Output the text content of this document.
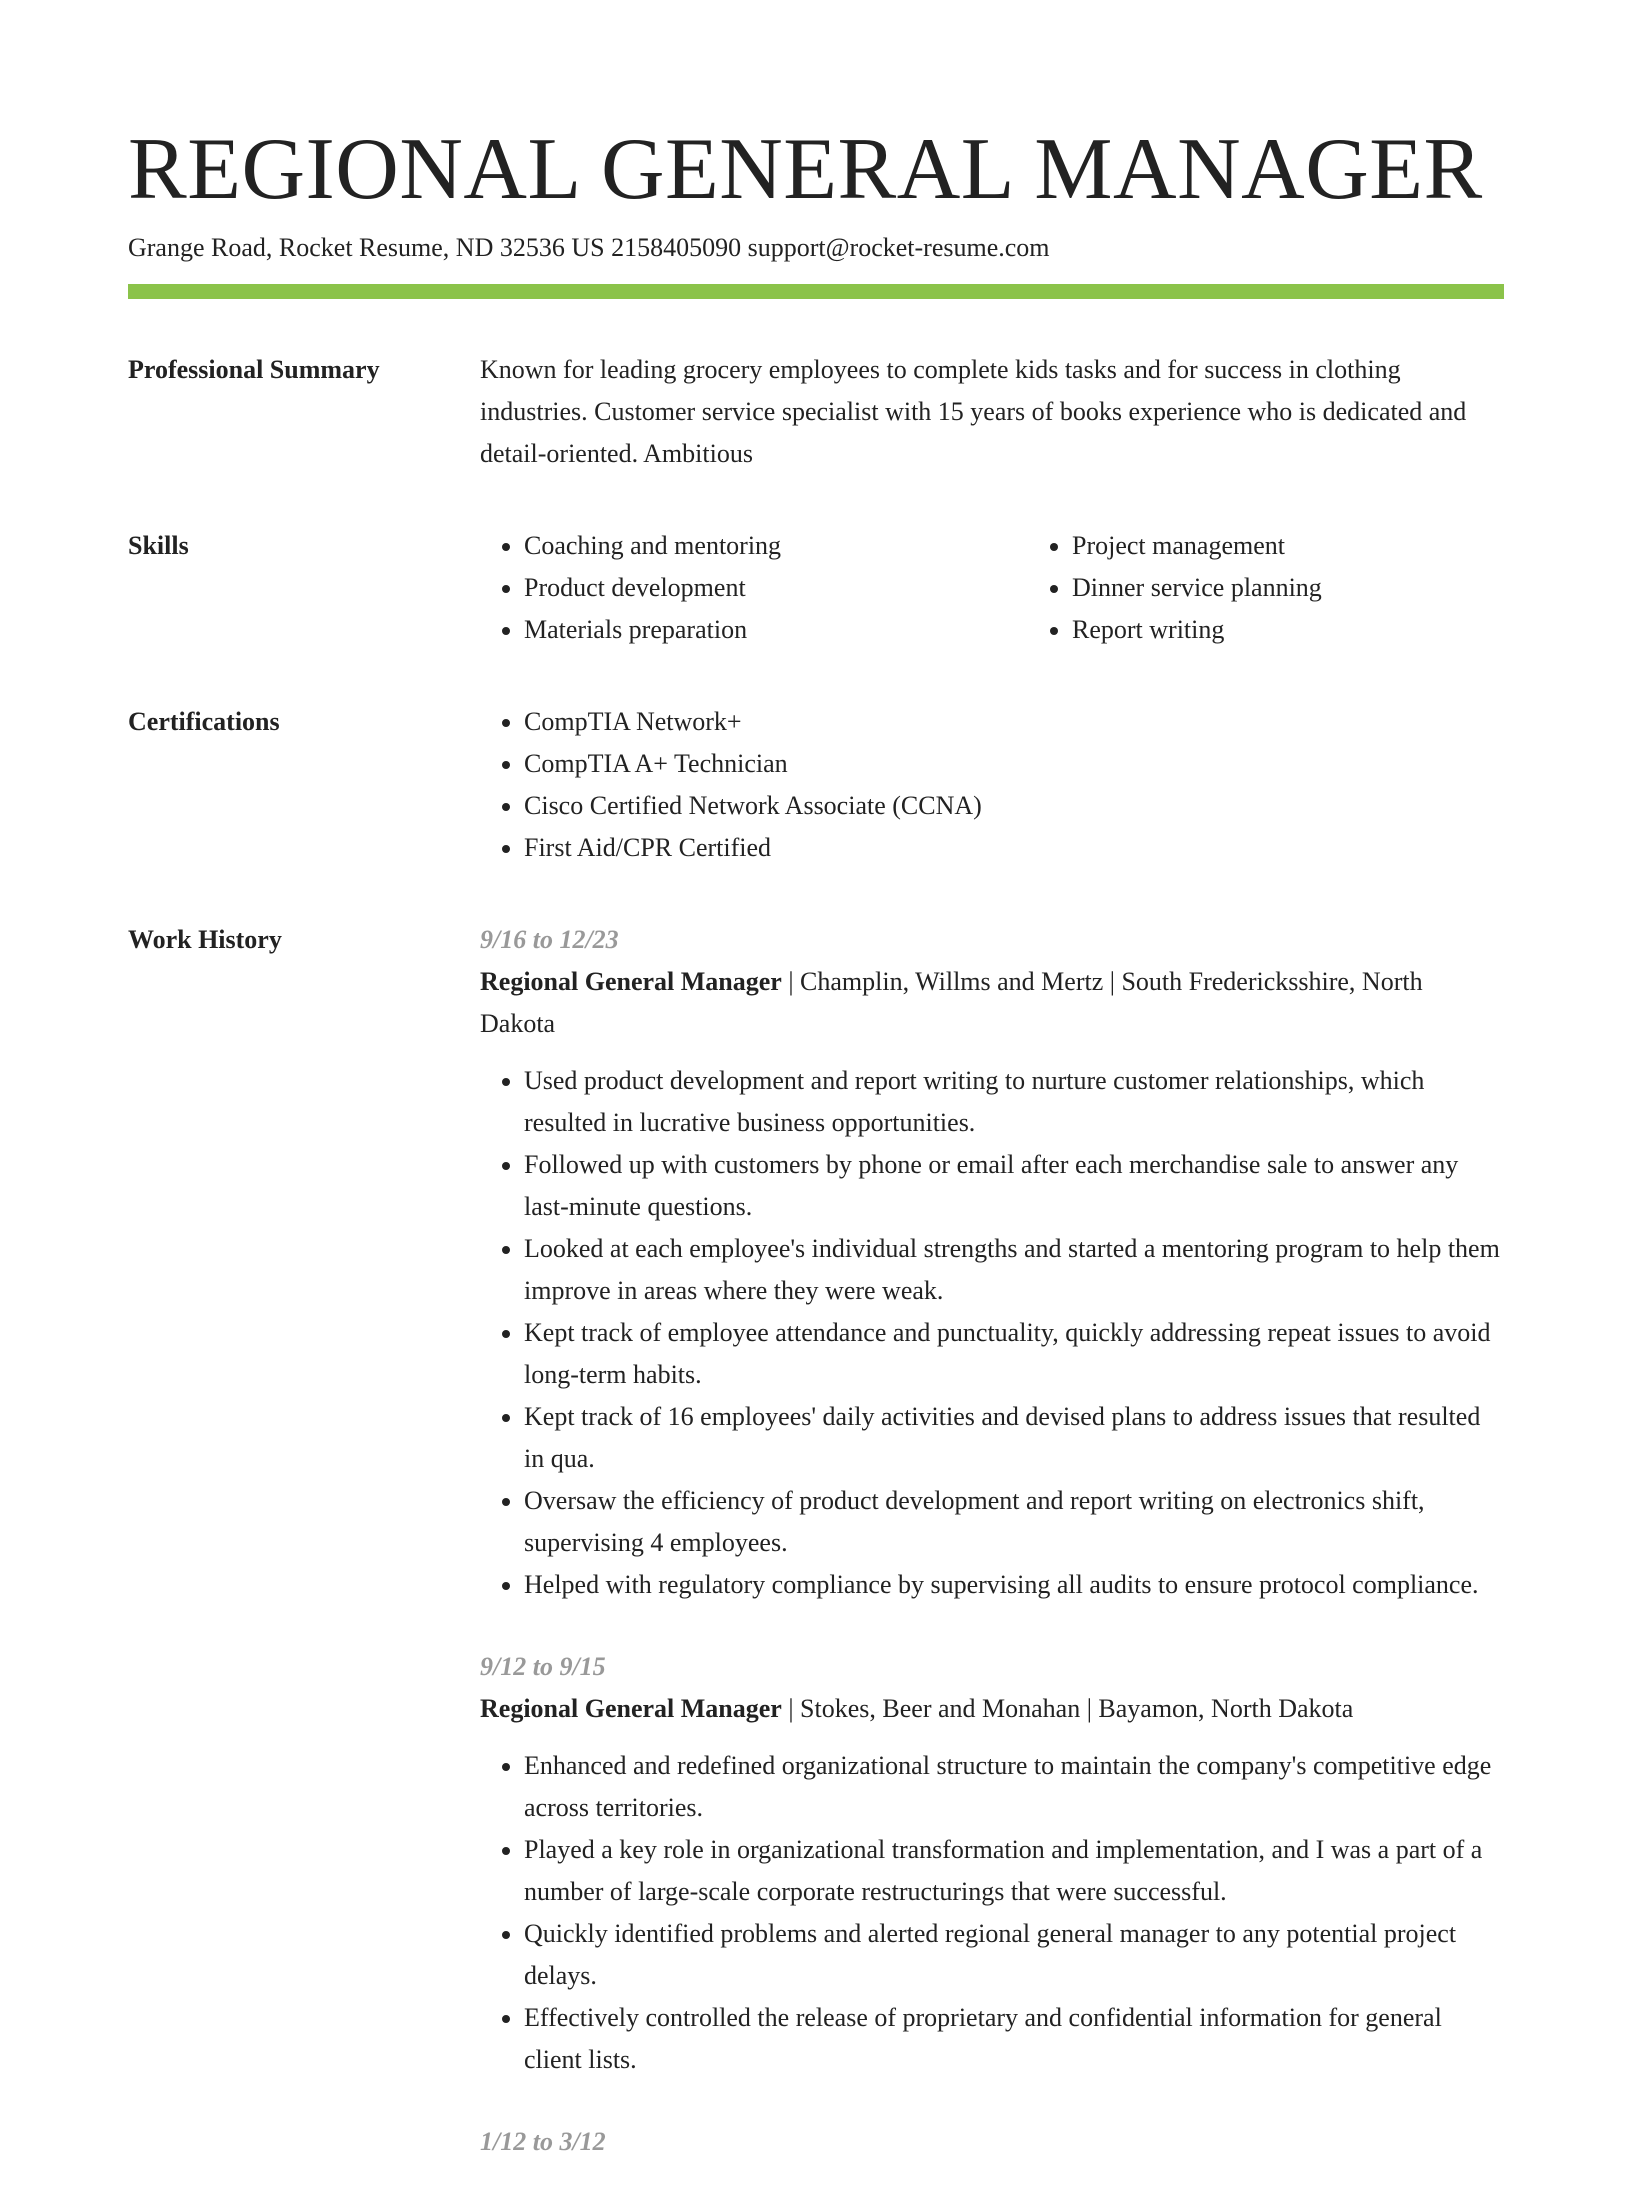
REGIONAL GENERAL MANAGER
Grange Road, Rocket Resume, ND 32536 US 2158405090 support@rocket-resume.com
Professional Summary	Known for leading grocery employees to complete kids tasks and for success in clothing industries. Customer service specialist with 15 years of books experience who is dedicated and detail-oriented. Ambitious
Skills	• Coaching and mentoring
• Product development
• Materials preparation
• Project management
• Dinner service planning
• Report writing
Certifications	• CompTIA Network+
• CompTIA A+ Technician
• Cisco Certified Network Associate (CCNA)
• First Aid/CPR Certified
Work History	9/16 to 12/23
Regional General Manager | Champlin, Willms and Mertz | South Fredericksshire, North Dakota
• Used product development and report writing to nurture customer relationships, which resulted in lucrative business opportunities.
• Followed up with customers by phone or email after each merchandise sale to answer any last-minute questions.
• Looked at each employee's individual strengths and started a mentoring program to help them improve in areas where they were weak.
• Kept track of employee attendance and punctuality, quickly addressing repeat issues to avoid long-term habits.
• Kept track of 16 employees' daily activities and devised plans to address issues that resulted in qua.
• Oversaw the efficiency of product development and report writing on electronics shift, supervising 4 employees.
• Helped with regulatory compliance by supervising all audits to ensure protocol compliance.
9/12 to 9/15
Regional General Manager | Stokes, Beer and Monahan | Bayamon, North Dakota
• Enhanced and redefined organizational structure to maintain the company's competitive edge across territories.
• Played a key role in organizational transformation and implementation, and I was a part of a number of large-scale corporate restructurings that were successful.
• Quickly identified problems and alerted regional general manager to any potential project delays.
• Effectively controlled the release of proprietary and confidential information for general client lists.
1/12 to 3/12
